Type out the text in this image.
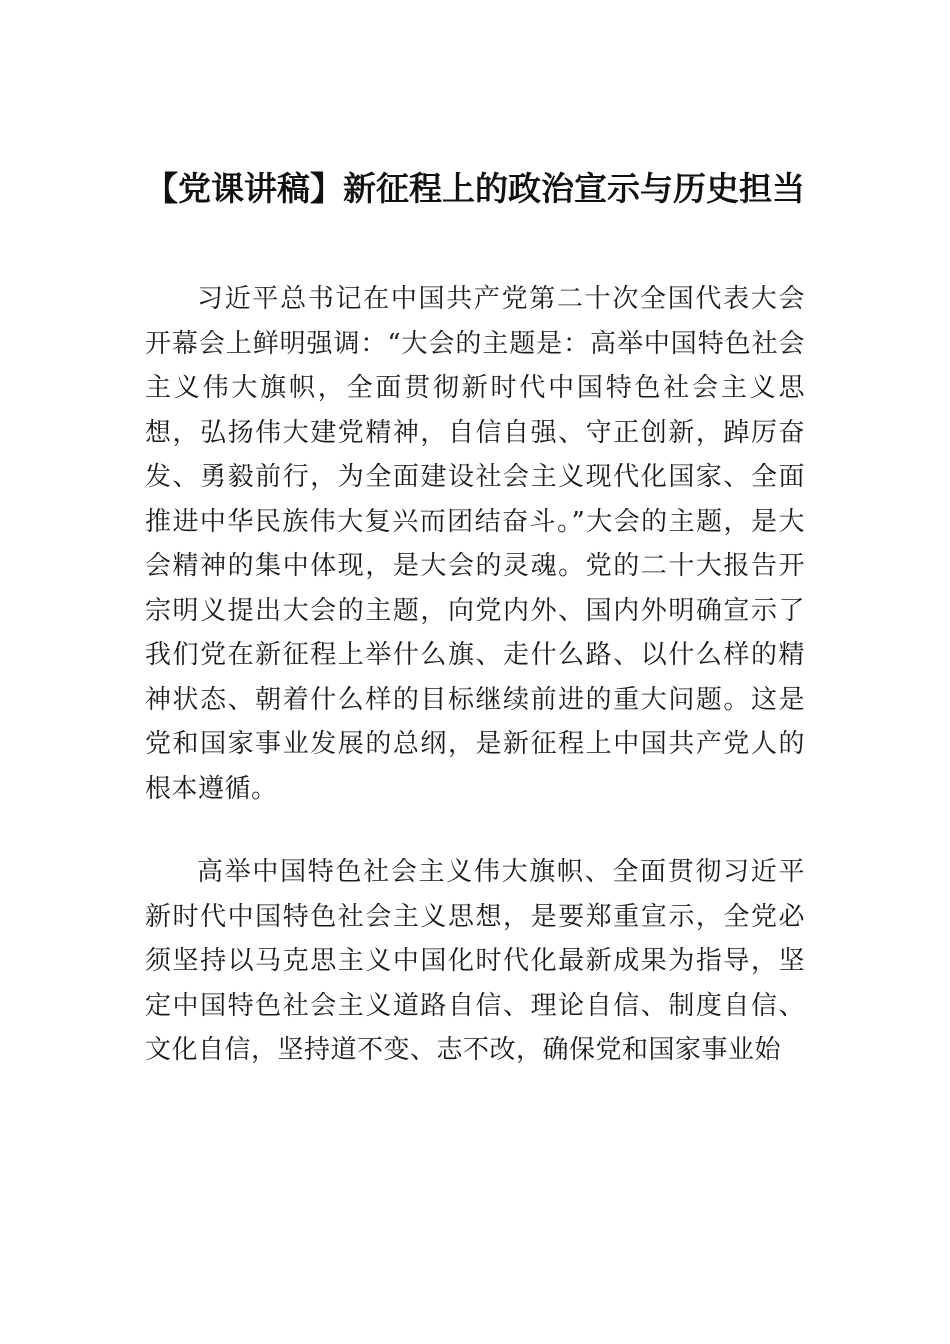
【党课讲稿】新征程上的政治宣示与历史担当

习近平总书记在中国共产党第二十次全国代表大会开幕会上鲜明强调：“大会的主题是：高举中国特色社会主义伟大旗帜，全面贯彻新时代中国特色社会主义思想，弘扬伟大建党精神，自信自强、守正创新，踔厉奋发、勇毅前行，为全面建设社会主义现代化国家、全面推进中华民族伟大复兴而团结奋斗。”大会的主题，是大会精神的集中体现，是大会的灵魂。党的二十大报告开宗明义提出大会的主题，向党内外、国内外明确宣示了我们党在新征程上举什么旗、走什么路、以什么样的精神状态、朝着什么样的目标继续前进的重大问题。这是党和国家事业发展的总纲，是新征程上中国共产党人的根本遵循。

高举中国特色社会主义伟大旗帜、全面贯彻习近平新时代中国特色社会主义思想，是要郑重宣示，全党必须坚持以马克思主义中国化时代化最新成果为指导，坚定中国特色社会主义道路自信、理论自信、制度自信、文化自信，坚持道不变、志不改，确保党和国家事业始
